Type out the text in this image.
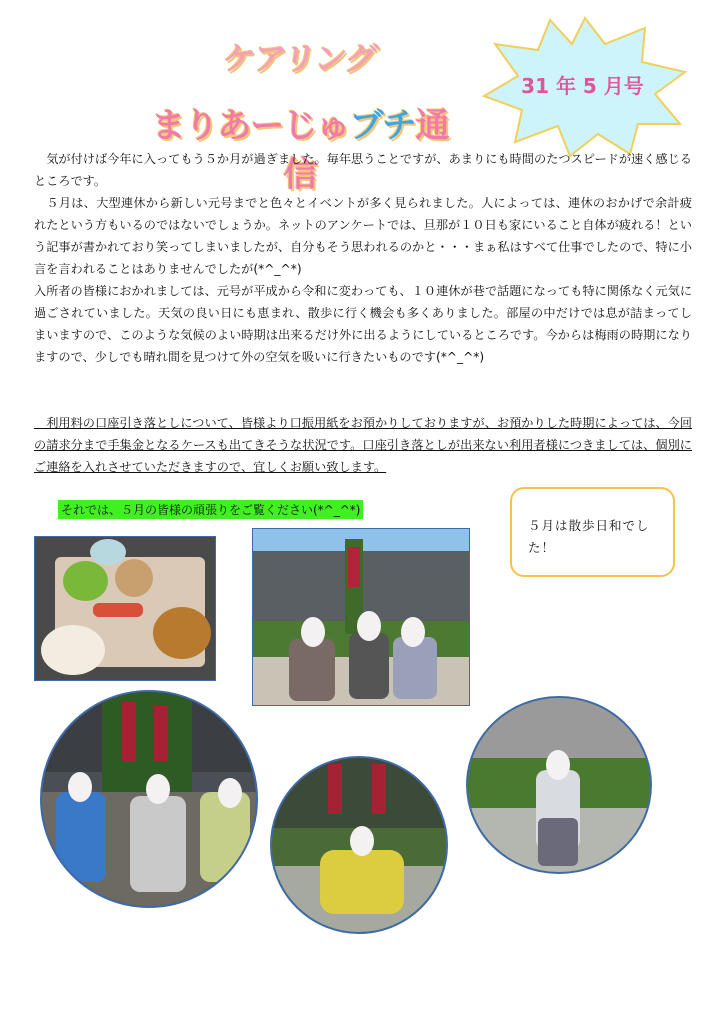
ケアリング
まりあーじゅブチ通信
31 年 5 月号
　気が付けば今年に入ってもう５か月が過ぎました。毎年思うことですが、あまりにも時間のたつスピードが速く感じるところです。
　５月は、大型連休から新しい元号までと色々とイベントが多く見られました。人によっては、連休のおかげで余計疲れたという方もいるのではないでしょうか。ネットのアンケートでは、旦那が１０日も家にいること自体が疲れる！という記事が書かれており笑ってしまいましたが、自分もそう思われるのかと・・・まぁ私はすべて仕事でしたので、特に小言を言われることはありませんでしたが(*^_^*)
入所者の皆様におかれましては、元号が平成から令和に変わっても、１０連休が巷で話題になっても特に関係なく元気に過ごされていました。天気の良い日にも恵まれ、散歩に行く機会も多くありました。部屋の中だけでは息が詰まってしまいますので、このような気候のよい時期は出来るだけ外に出るようにしているところです。今からは梅雨の時期になりますので、少しでも晴れ間を見つけて外の空気を吸いに行きたいものです(*^_^*)
　利用料の口座引き落としについて、皆様より口振用紙をお預かりしておりますが、お預かりした時期によっては、今回の請求分まで手集金となるケースも出てきそうな状況です。口座引き落としが出来ない利用者様につきましては、個別にご連絡を入れさせていただきますので、宜しくお願い致します。
それでは、５月の皆様の頑張りをご覧ください(*^_^*)
５月は散歩日和でした！
